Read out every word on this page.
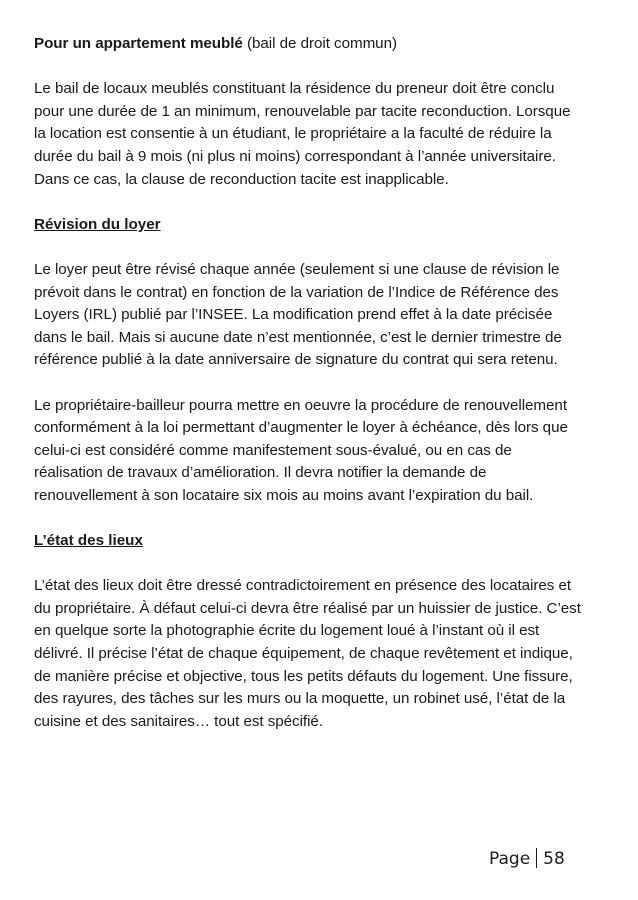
Pour un appartement meublé (bail de droit commun)

Le bail de locaux meublés constituant la résidence du preneur doit être conclu pour une durée de 1 an minimum, renouvelable par tacite reconduction. Lorsque la location est consentie à un étudiant, le propriétaire a la faculté de réduire la durée du bail à 9 mois (ni plus ni moins) correspondant à l’année universitaire. Dans ce cas, la clause de reconduction tacite est inapplicable.

Révision du loyer

Le loyer peut être révisé chaque année (seulement si une clause de révision le prévoit dans le contrat) en fonction de la variation de l’Indice de Référence des Loyers (IRL) publié par l’INSEE. La modification prend effet à la date précisée dans le bail. Mais si aucune date n’est mentionnée, c’est le dernier trimestre de référence publié à la date anniversaire de signature du contrat qui sera retenu.

Le propriétaire-bailleur pourra mettre en oeuvre la procédure de renouvellement conformément à la loi permettant d’augmenter le loyer à échéance, dès lors que celui-ci est considéré comme manifestement sous-évalué, ou en cas de réalisation de travaux d’amélioration. Il devra notifier la demande de renouvellement à son locataire six mois au moins avant l’expiration du bail.

L’état des lieux

L’état des lieux doit être dressé contradictoirement en présence des locataires et du propriétaire. À défaut celui-ci devra être réalisé par un huissier de justice. C’est en quelque sorte la photographie écrite du logement loué à l’instant où il est délivré. Il précise l’état de chaque équipement, de chaque revêtement et indique, de manière précise et objective, tous les petits défauts du logement. Une fissure, des rayures, des tâches sur les murs ou la moquette, un robinet usé, l’état de la cuisine et des sanitaires… tout est spécifié.

Page 58
